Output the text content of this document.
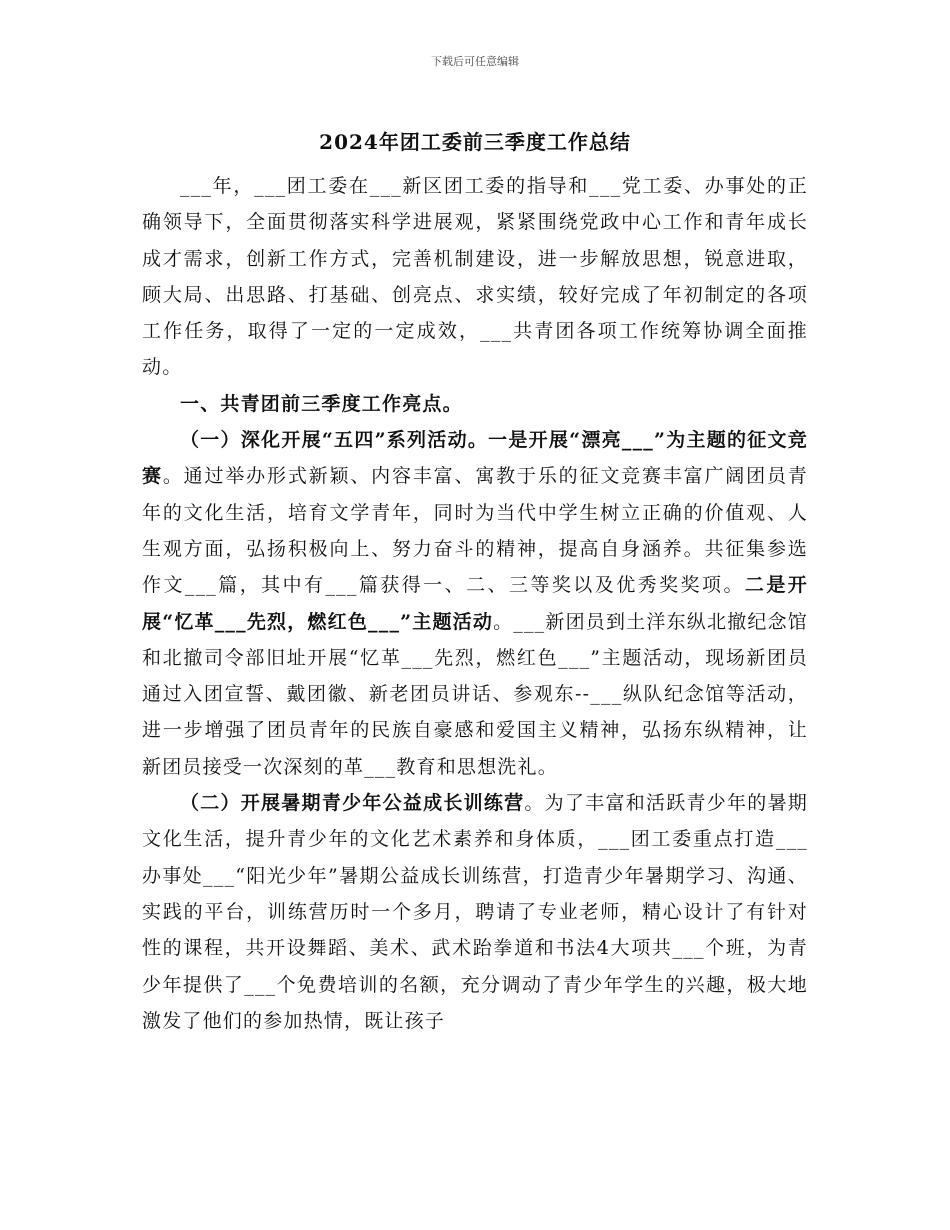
下载后可任意编辑
2024年团工委前三季度工作总结

___年，___团工委在___新区团工委的指导和___党工委、办事处的正确领导下，全面贯彻落实科学进展观，紧紧围绕党政中心工作和青年成长成才需求，创新工作方式，完善机制建设，进一步解放思想，锐意进取，顾大局、出思路、打基础、创亮点、求实绩，较好完成了年初制定的各项工作任务，取得了一定的一定成效，___共青团各项工作统筹协调全面推动。

一、共青团前三季度工作亮点。

（一）深化开展“五四”系列活动。一是开展“漂亮___”为主题的征文竞赛。通过举办形式新颖、内容丰富、寓教于乐的征文竞赛丰富广阔团员青年的文化生活，培育文学青年，同时为当代中学生树立正确的价值观、人生观方面，弘扬积极向上、努力奋斗的精神，提高自身涵养。共征集参选作文___篇，其中有___篇获得一、二、三等奖以及优秀奖奖项。二是开展“忆革___先烈，燃红色___”主题活动。___新团员到土洋东纵北撤纪念馆和北撤司令部旧址开展“忆革___先烈，燃红色___”主题活动，现场新团员通过入团宣誓、戴团徽、新老团员讲话、参观东--___纵队纪念馆等活动，进一步增强了团员青年的民族自豪感和爱国主义精神，弘扬东纵精神，让新团员接受一次深刻的革___教育和思想洗礼。

（二）开展暑期青少年公益成长训练营。为了丰富和活跃青少年的暑期文化生活，提升青少年的文化艺术素养和身体质，___团工委重点打造___办事处___“阳光少年”暑期公益成长训练营，打造青少年暑期学习、沟通、实践的平台，训练营历时一个多月，聘请了专业老师，精心设计了有针对性的课程，共开设舞蹈、美术、武术跆拳道和书法4大项共___个班，为青少年提供了___个免费培训的名额，充分调动了青少年学生的兴趣，极大地激发了他们的参加热情，既让孩子
